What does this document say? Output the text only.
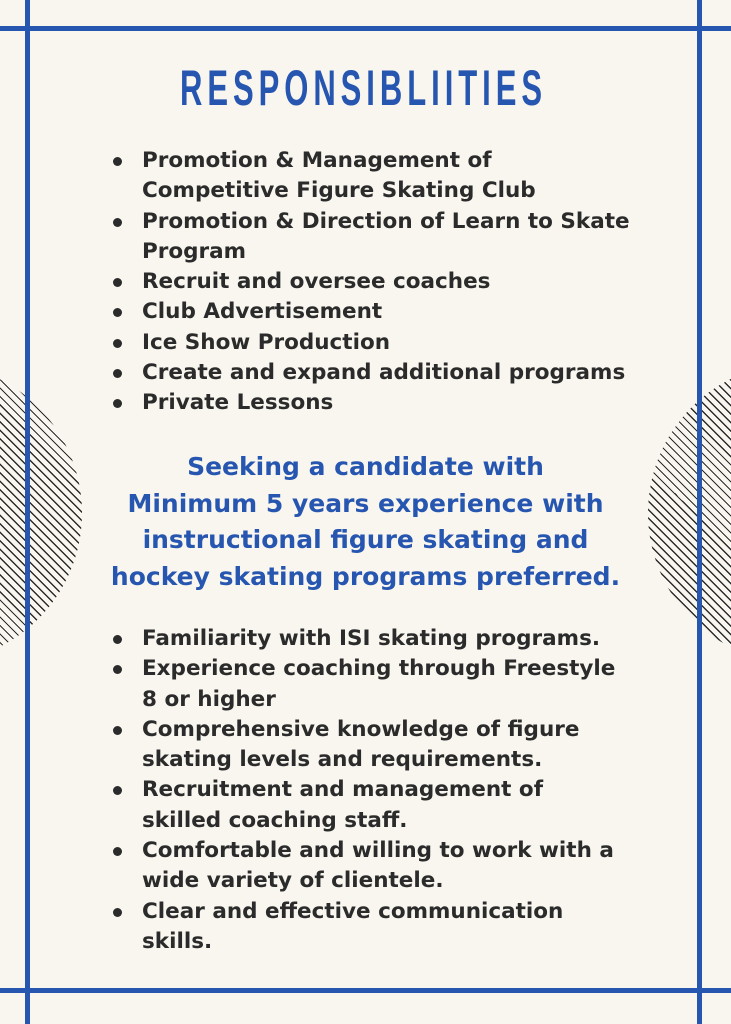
RESPONSIBLIITIES
Promotion & Management of
Competitive Figure Skating Club
Promotion & Direction of Learn to Skate
Program
Recruit and oversee coaches
Club Advertisement
Ice Show Production
Create and expand additional programs
Private Lessons
Seeking a candidate with
Minimum 5 years experience with
instructional figure skating and
hockey skating programs preferred.
Familiarity with ISI skating programs.
Experience coaching through Freestyle
8 or higher
Comprehensive knowledge of figure
skating levels and requirements.
Recruitment and management of
skilled coaching staff.
Comfortable and willing to work with a
wide variety of clientele.
Clear and effective communication
skills.
